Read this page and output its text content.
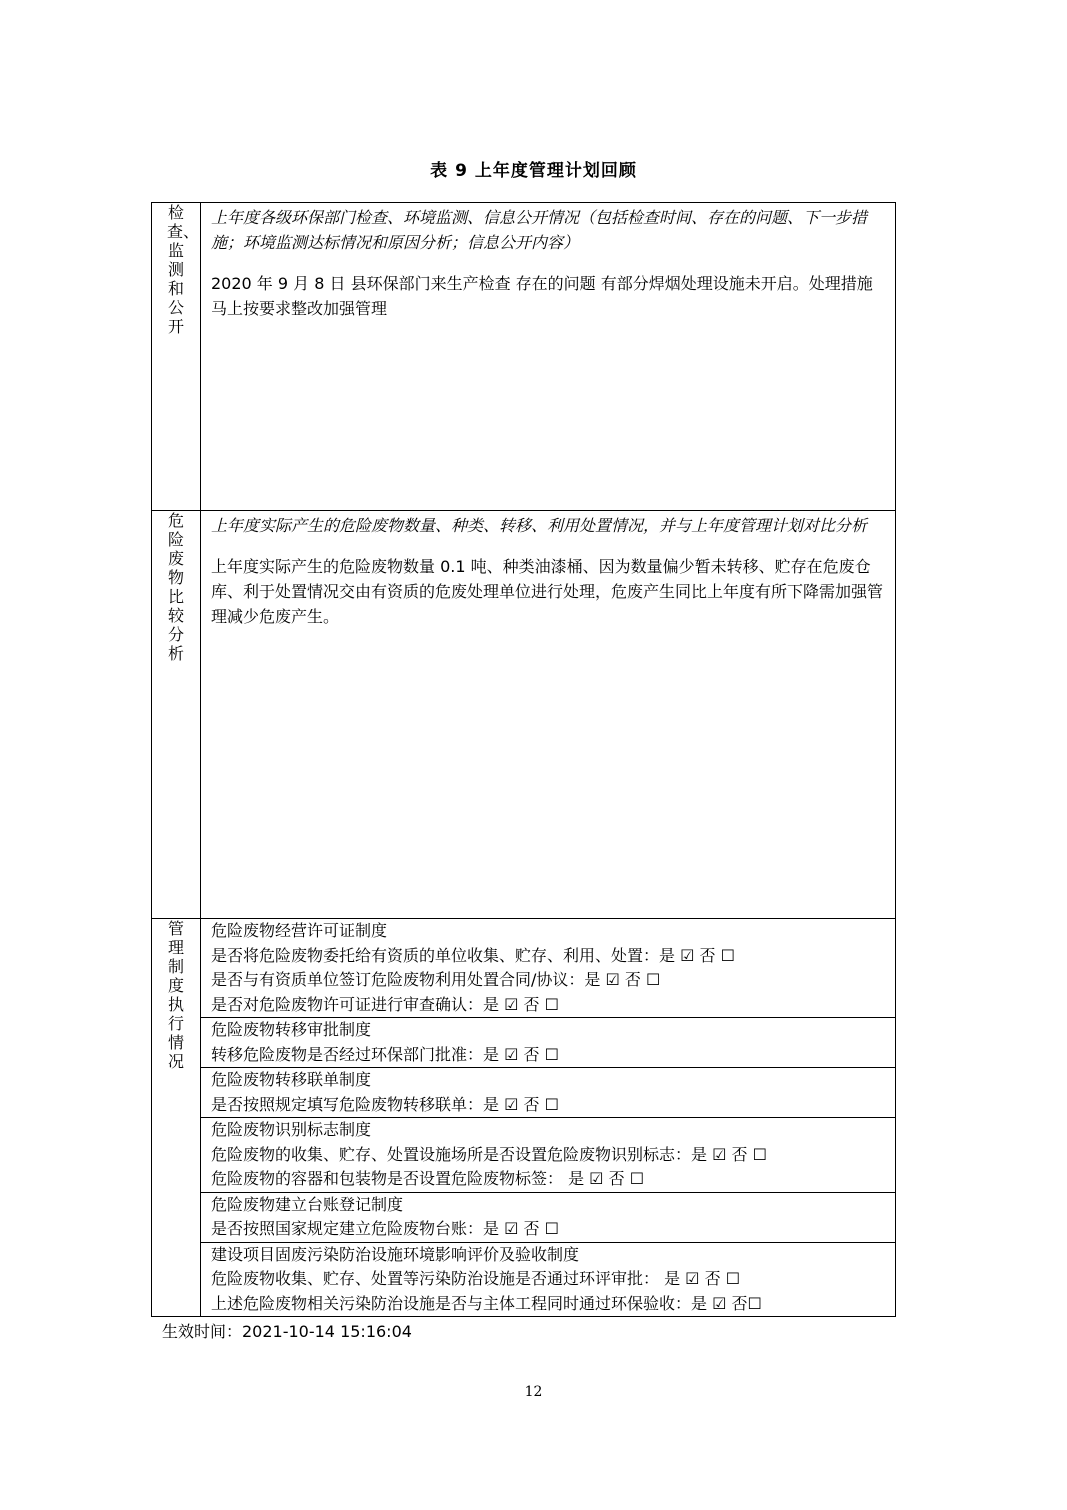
表 9 上年度管理计划回顾
检查、监测和公开	上年度各级环保部门检查、环境监测、信息公开情况（包括检查时间、存在的问题、下一步措施；环境监测达标情况和原因分析；信息公开内容）

2020 年 9 月 8 日 县环保部门来生产检查 存在的问题 有部分焊烟处理设施未开启。处理措施马上按要求整改加强管理

危险废物比较分析	上年度实际产生的危险废物数量、种类、转移、利用处置情况，并与上年度管理计划对比分析

上年度实际产生的危险废物数量 0.1 吨、种类油漆桶、因为数量偏少暂未转移、贮存在危废仓库、利于处置情况交由有资质的危废处理单位进行处理，危废产生同比上年度有所下降需加强管理减少危废产生。

管理制度执行情况	危险废物经营许可证制度
是否将危险废物委托给有资质的单位收集、贮存、利用、处置：是 ☑ 否 ☐
是否与有资质单位签订危险废物利用处置合同/协议：是 ☑ 否 ☐
是否对危险废物许可证进行审查确认：是 ☑ 否 ☐

	危险废物转移审批制度
转移危险废物是否经过环保部门批准：是 ☑ 否 ☐

	危险废物转移联单制度
是否按照规定填写危险废物转移联单：是 ☑ 否 ☐

	危险废物识别标志制度
危险废物的收集、贮存、处置设施场所是否设置危险废物识别标志：是 ☑ 否 ☐
危险废物的容器和包装物是否设置危险废物标签： 是 ☑ 否 ☐

	危险废物建立台账登记制度
是否按照国家规定建立危险废物台账：是 ☑ 否 ☐

	建设项目固废污染防治设施环境影响评价及验收制度
危险废物收集、贮存、处置等污染防治设施是否通过环评审批： 是 ☑ 否 ☐
上述危险废物相关污染防治设施是否与主体工程同时通过环保验收：是 ☑ 否☐
生效时间：2021-10-14 15:16:04
12
